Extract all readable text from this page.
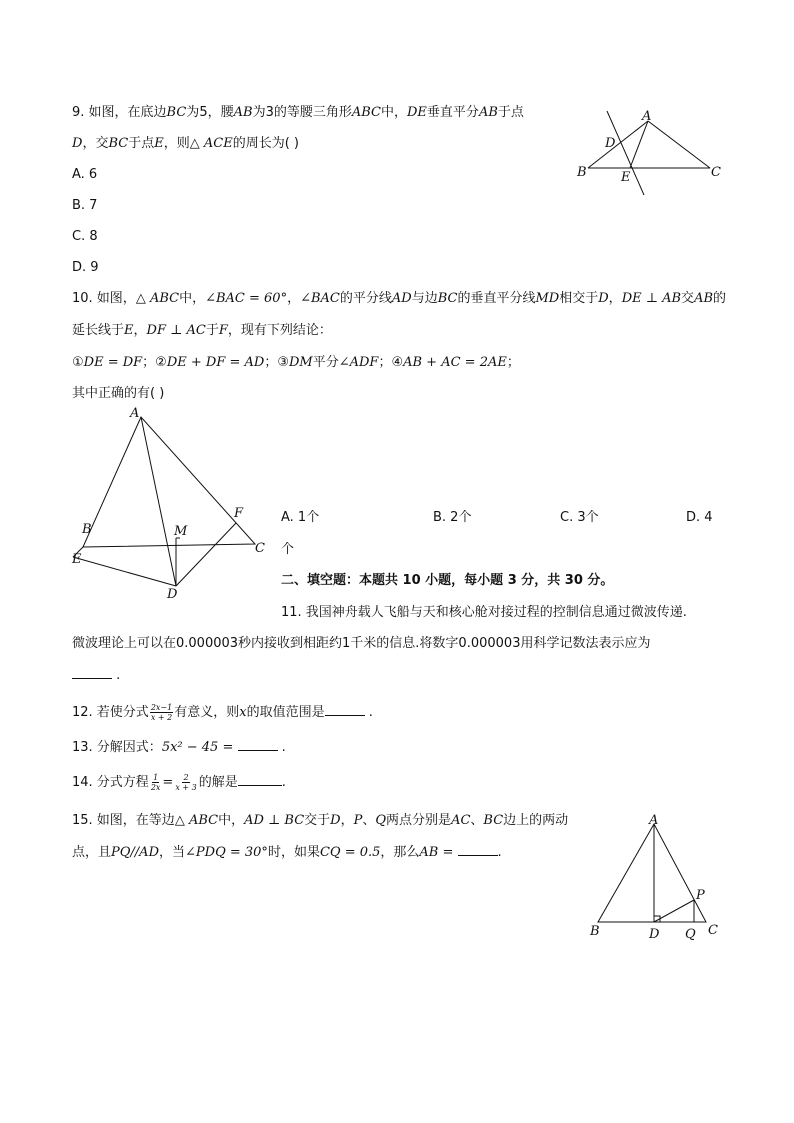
9. 如图，在底边BC为5，腰AB为3的等腰三角形ABC中，DE垂直平分AB于点
D，交BC于点E，则△ ACE的周长为( )
A. 6
B. 7
C. 8
D. 9
A
B	C
D
E
10. 如图，△ ABC中，∠BAC = 60°，∠BAC的平分线AD与边BC的垂直平分线MD相交于D，DE ⊥ AB交AB的
延长线于E，DF ⊥ AC于F，现有下列结论：
①DE = DF；②DE + DF = AD；③DM平分∠ADF；④AB + AC = 2AE；
其中正确的有( )
A
B
C
D
E
F
M
A. 1个	B. 2个	C. 3个	D. 4
个
二、填空题：本题共 10 小题，每小题 3 分，共 30 分。
11. 我国神舟载人飞船与天和核心舱对接过程的控制信息通过微波传递.
微波理论上可以在0.000003秒内接收到相距约1千米的信息.将数字0.000003用科学记数法表示应为
.
12. 若使分式 $\frac{2x-1}{x + 2}$ 有意义，则x的取值范围是	.
13. 分解因式：5x² − 45 =	.
14. 分式方程 $\frac{1}{2x} = \frac{2}{x + 3}$ 的解是	.
15. 如图，在等边△ ABC中，AD ⊥ BC交于D，P、Q两点分别是AC、BC边上的两动
点，且PQ//AD，当∠PDQ = 30°时，如果CQ = 0.5，那么AB =	.
A
B	C
D
P
Q
